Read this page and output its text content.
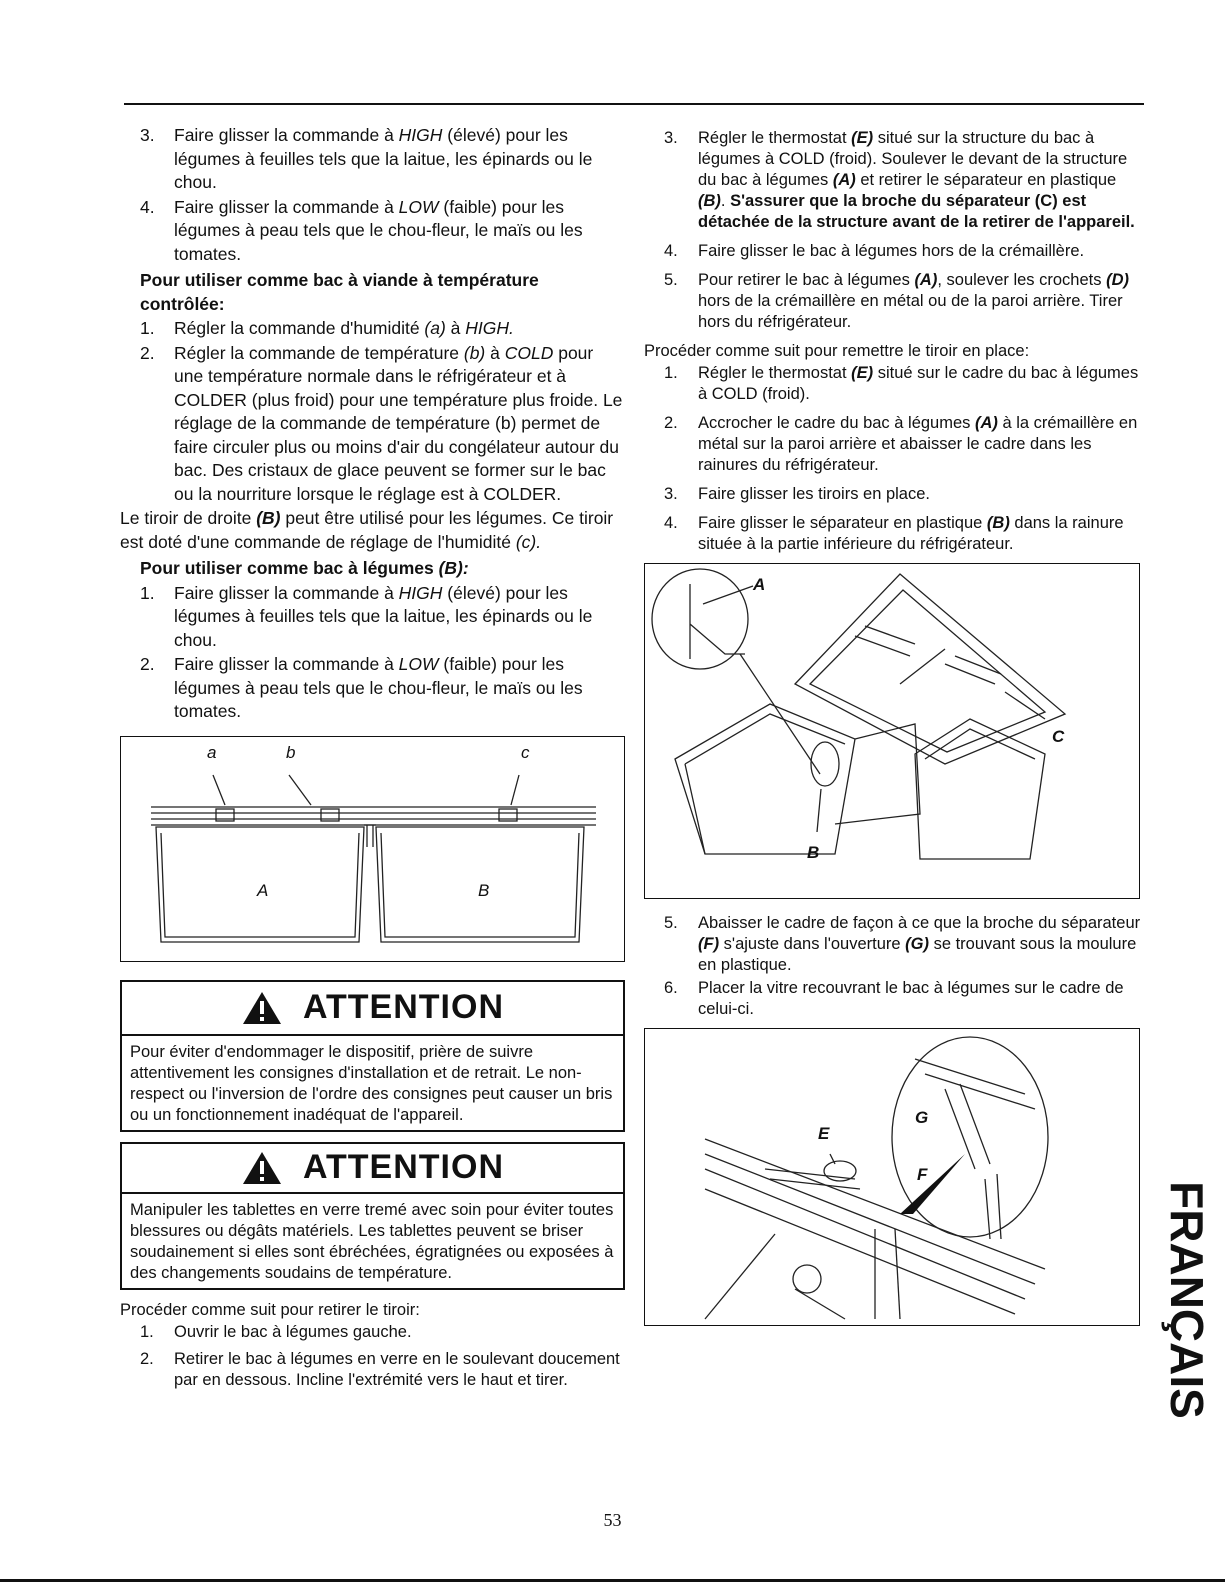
3. Faire glisser la commande à HIGH (élevé) pour les légumes à feuilles tels que la laitue, les épinards ou le chou.
4. Faire glisser la commande à LOW (faible) pour les légumes à peau tels que le chou-fleur, le maïs ou les tomates.
Pour utiliser comme bac à viande à température contrôlée:
1. Régler la commande d'humidité (a) à HIGH.
2. Régler la commande de température (b) à COLD pour une température normale dans le réfrigérateur et à COLDER (plus froid) pour une température plus froide. Le réglage de la commande de température (b) permet de faire circuler plus ou moins d'air du congélateur autour du bac. Des cristaux de glace peuvent se former sur le bac ou la nourriture lorsque le réglage est à COLDER.
Le tiroir de droite (B) peut être utilisé pour les légumes. Ce tiroir est doté d'une commande de réglage de l'humidité (c).
Pour utiliser comme bac à légumes (B):
1. Faire glisser la commande à HIGH (élevé) pour les légumes à feuilles tels que la laitue, les épinards ou le chou.
2. Faire glisser la commande à LOW (faible) pour les légumes à peau tels que le chou-fleur, le maïs ou les tomates.
a	b	c
A	B
ATTENTION
Pour éviter d'endommager le dispositif, prière de suivre attentivement les consignes d'installation et de retrait. Le non-respect ou l'inversion de l'ordre des consignes peut causer un bris ou un fonctionnement inadéquat de l'appareil.
ATTENTION
Manipuler les tablettes en verre tremé avec soin pour éviter toutes blessures ou dégâts matériels. Les tablettes peuvent se briser soudainement si elles sont ébréchées, égratignées ou exposées à des changements soudains de température.
Procéder comme suit pour retirer le tiroir:
1. Ouvrir le bac à légumes gauche.
2. Retirer le bac à légumes en verre en le soulevant doucement par en dessous. Incline l'extrémité vers le haut et tirer.
3. Régler le thermostat (E) situé sur la structure du bac à légumes à COLD (froid). Soulever le devant de la structure du bac à légumes (A) et retirer le séparateur en plastique (B). S'assurer que la broche du séparateur (C) est détachée de la structure avant de la retirer de l'appareil.
4. Faire glisser le bac à légumes hors de la crémaillère.
5. Pour retirer le bac à légumes (A), soulever les crochets (D) hors de la crémaillère en métal ou de la paroi arrière. Tirer hors du réfrigérateur.
Procéder comme suit pour remettre le tiroir en place:
1. Régler le thermostat (E) situé sur le cadre du bac à légumes à COLD (froid).
2. Accrocher le cadre du bac à légumes (A) à la crémaillère en métal sur la paroi arrière et abaisser le cadre dans les rainures du réfrigérateur.
3. Faire glisser les tiroirs en place.
4. Faire glisser le séparateur en plastique (B) dans la rainure située à la partie inférieure du réfrigérateur.
A
C
B
5. Abaisser le cadre de façon à ce que la broche du séparateur (F) s'ajuste dans l'ouverture (G) se trouvant sous la moulure en plastique.
6. Placer la vitre recouvrant le bac à légumes sur le cadre de celui-ci.
E
G
F
FRANÇAIS
53
